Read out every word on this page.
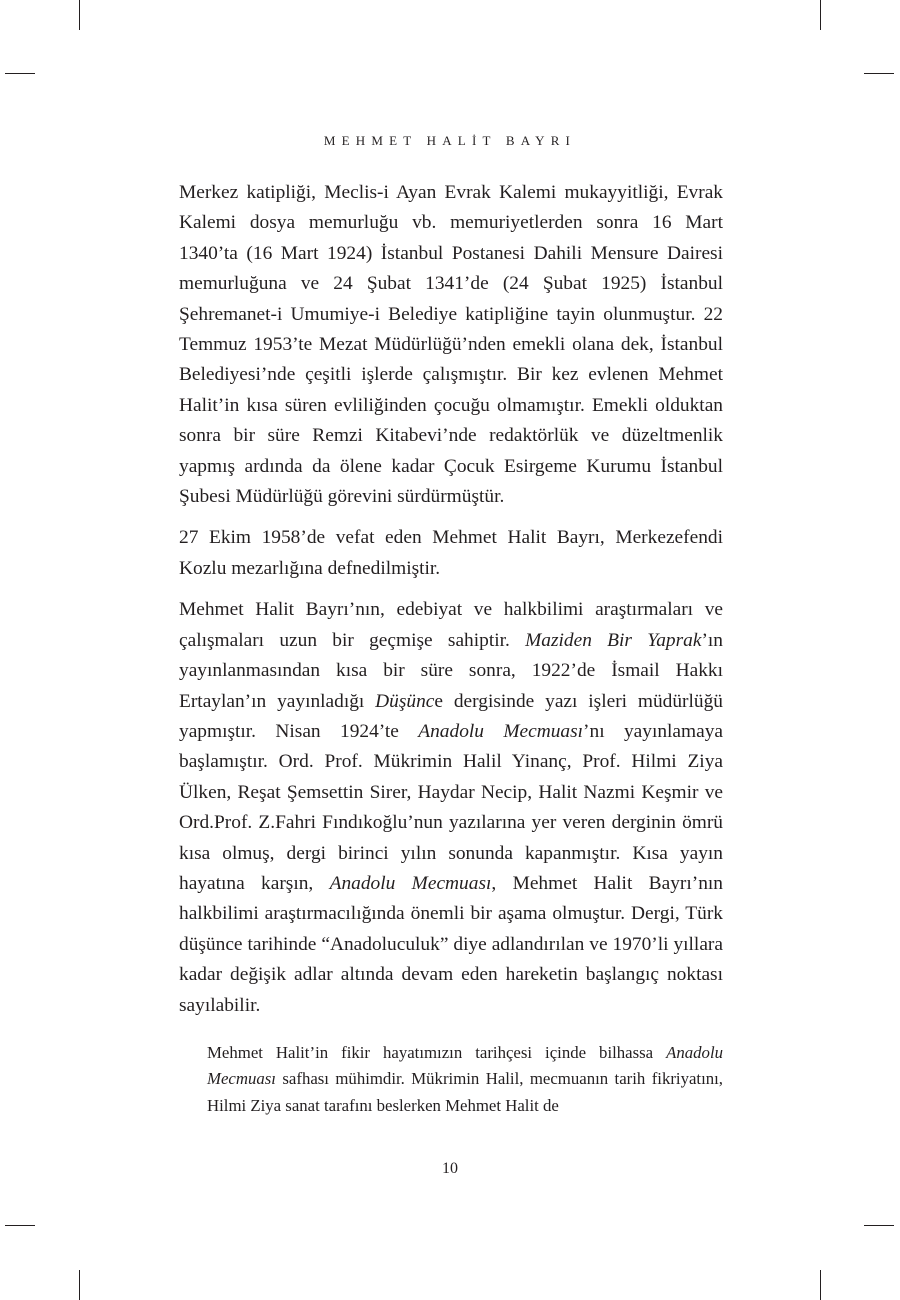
MEHMET HALİT BAYRI

Merkez katipliği, Meclis-i Ayan Evrak Kalemi mukayyitliği, Evrak Kalemi dosya memurluğu vb. memuriyetlerden sonra 16 Mart 1340’ta (16 Mart 1924) İstanbul Postanesi Dahili Mensure Dairesi memurluğuna ve 24 Şubat 1341’de (24 Şubat 1925) İstanbul Şehremanet-i Umumiye-i Belediye katipliğine tayin olunmuştur. 22 Temmuz 1953’te Mezat Müdürlüğü’nden emekli olana dek, İstanbul Belediyesi’nde çeşitli işlerde çalışmıştır. Bir kez evlenen Mehmet Halit’in kısa süren evliliğinden çocuğu olmamıştır. Emekli olduktan sonra bir süre Remzi Kitabevi’nde redaktörlük ve düzeltmenlik yapmış ardında da ölene kadar Çocuk Esirgeme Kurumu İstanbul Şubesi Müdürlüğü görevini sürdürmüştür.

27 Ekim 1958’de vefat eden Mehmet Halit Bayrı, Merkezefendi Kozlu mezarlığına defnedilmiştir.

Mehmet Halit Bayrı’nın, edebiyat ve halkbilimi araştırmaları ve çalışmaları uzun bir geçmişe sahiptir. Maziden Bir Yaprak’ın yayınlanmasından kısa bir süre sonra, 1922’de İsmail Hakkı Ertaylan’ın yayınladığı Düşünce dergisinde yazı işleri müdürlüğü yapmıştır. Nisan 1924’te Anadolu Mecmuası’nı yayınlamaya başlamıştır. Ord. Prof. Mükrimin Halil Yinanç, Prof. Hilmi Ziya Ülken, Reşat Şemsettin Sirer, Haydar Necip, Halit Nazmi Keşmir ve Ord.Prof. Z.Fahri Fındıkoğlu’nun yazılarına yer veren derginin ömrü kısa olmuş, dergi birinci yılın sonunda kapanmıştır. Kısa yayın hayatına karşın, Anadolu Mecmuası, Mehmet Halit Bayrı’nın halkbilimi araştırmacılığında önemli bir aşama olmuştur. Dergi, Türk düşünce tarihinde “Anadoluculuk” diye adlandırılan ve 1970’li yıllara kadar değişik adlar altında devam eden hareketin başlangıç noktası sayılabilir.

Mehmet Halit’in fikir hayatımızın tarihçesi içinde bilhassa Anadolu Mecmuası safhası mühimdir. Mükrimin Halil, mecmuanın tarih fikriyatını, Hilmi Ziya sanat tarafını beslerken Mehmet Halit de

10
